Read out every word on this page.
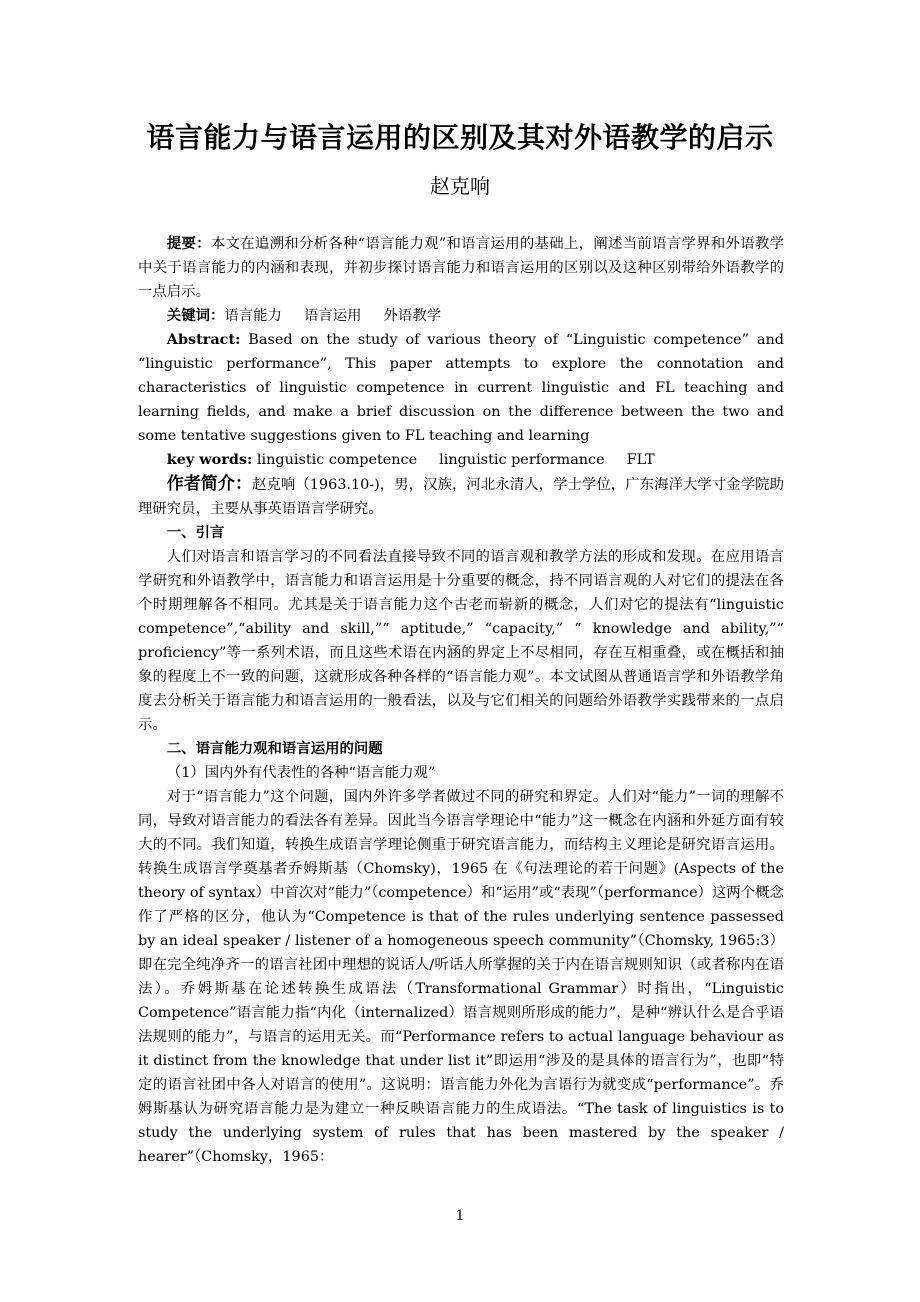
语言能力与语言运用的区别及其对外语教学的启示
赵克响

提要：本文在追溯和分析各种“语言能力观”和语言运用的基础上，阐述当前语言学界和外语教学中关于语言能力的内涵和表现，并初步探讨语言能力和语言运用的区别以及这种区别带给外语教学的一点启示。

关键词：语言能力 语言运用 外语教学

Abstract: Based on the study of various theory of “Linguistic competence” and “linguistic performance”, This paper attempts to explore the connotation and characteristics of linguistic competence in current linguistic and FL teaching and learning fields, and make a brief discussion on the difference between the two and some tentative suggestions given to FL teaching and learning

key words: linguistic competence linguistic performance FLT

作者简介：赵克响（1963.10-)，男，汉族，河北永清人，学士学位，广东海洋大学寸金学院助理研究员，主要从事英语语言学研究。

一、引言

人们对语言和语言学习的不同看法直接导致不同的语言观和教学方法的形成和发现。在应用语言学研究和外语教学中，语言能力和语言运用是十分重要的概念，持不同语言观的人对它们的提法在各个时期理解各不相同。尤其是关于语言能力这个古老而崭新的概念，人们对它的提法有“linguistic competence”,“ability and skill,”“ aptitude,” “capacity,” “ knowledge and ability,”“ proficiency”等一系列术语，而且这些术语在内涵的界定上不尽相同，存在互相重叠，或在概括和抽象的程度上不一致的问题，这就形成各种各样的“语言能力观”。本文试图从普通语言学和外语教学角度去分析关于语言能力和语言运用的一般看法，以及与它们相关的问题给外语教学实践带来的一点启示。

二、语言能力观和语言运用的问题

（1）国内外有代表性的各种“语言能力观”

对于“语言能力”这个问题，国内外许多学者做过不同的研究和界定。人们对“能力”一词的理解不同，导致对语言能力的看法各有差异。因此当今语言学理论中“能力”这一概念在内涵和外延方面有较大的不同。我们知道，转换生成语言学理论侧重于研究语言能力，而结构主义理论是研究语言运用。转换生成语言学奠基者乔姆斯基（Chomsky)，1965 在《句法理论的若干问题》(Aspects of the theory of syntax）中首次对“能力”（competence）和“运用”或“表现”（performance）这两个概念作了严格的区分，他认为“Competence is that of the rules underlying sentence passessed by an ideal speaker / listener of a homogeneous speech community”（Chomsky, 1965:3）即在完全纯净齐一的语言社团中理想的说话人/听话人所掌握的关于内在语言规则知识（或者称内在语法）。乔姆斯基在论述转换生成语法（Transformational Grammar）时指出，“Linguistic Competence”语言能力指“内化（internalized）语言规则所形成的能力”，是种“辨认什么是合乎语法规则的能力”，与语言的运用无关。而“Performance refers to actual language behaviour as it distinct from the knowledge that under list it”即运用“涉及的是具体的语言行为”，也即“特定的语言社团中各人对语言的使用”。这说明：语言能力外化为言语行为就变成“performance”。乔姆斯基认为研究语言能力是为建立一种反映语言能力的生成语法。“The task of linguistics is to study the underlying system of rules that has been mastered by the speaker / hearer”（Chomsky，1965：

1
